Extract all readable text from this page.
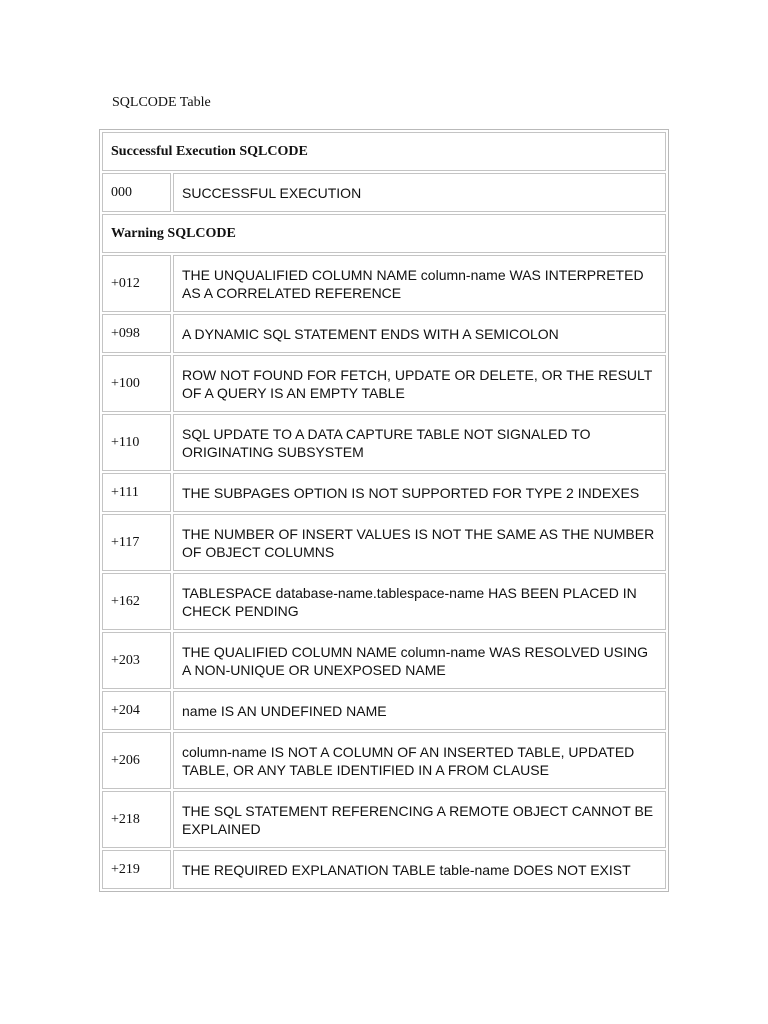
SQLCODE Table
Successful Execution SQLCODE	
000	SUCCESSFUL EXECUTION
Warning SQLCODE	
+012	THE UNQUALIFIED COLUMN NAME column-name WAS INTERPRETED AS A CORRELATED REFERENCE
+098	A DYNAMIC SQL STATEMENT ENDS WITH A SEMICOLON
+100	ROW NOT FOUND FOR FETCH, UPDATE OR DELETE, OR THE RESULT OF A QUERY IS AN EMPTY TABLE
+110	SQL UPDATE TO A DATA CAPTURE TABLE NOT SIGNALED TO ORIGINATING SUBSYSTEM
+111	THE SUBPAGES OPTION IS NOT SUPPORTED FOR TYPE 2 INDEXES
+117	THE NUMBER OF INSERT VALUES IS NOT THE SAME AS THE NUMBER OF OBJECT COLUMNS
+162	TABLESPACE database-name.tablespace-name HAS BEEN PLACED IN CHECK PENDING
+203	THE QUALIFIED COLUMN NAME column-name WAS RESOLVED USING A NON-UNIQUE OR UNEXPOSED NAME
+204	name IS AN UNDEFINED NAME
+206	column-name IS NOT A COLUMN OF AN INSERTED TABLE, UPDATED TABLE, OR ANY TABLE IDENTIFIED IN A FROM CLAUSE
+218	THE SQL STATEMENT REFERENCING A REMOTE OBJECT CANNOT BE EXPLAINED
+219	THE REQUIRED EXPLANATION TABLE table-name DOES NOT EXIST
